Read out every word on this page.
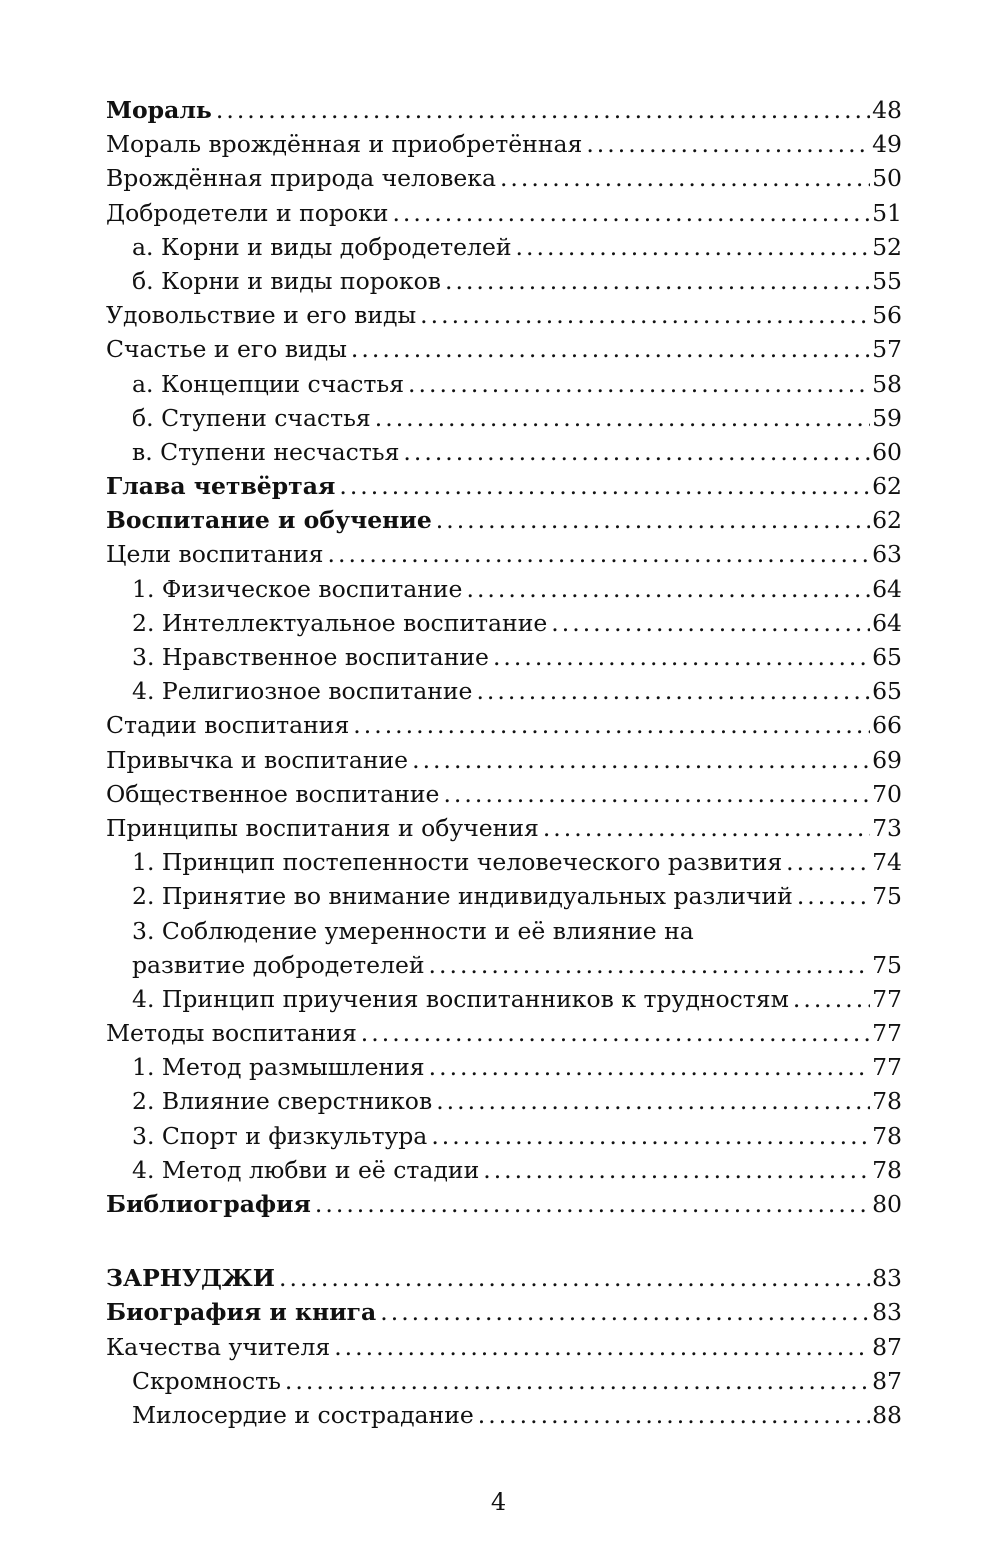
Мораль .....	48
Мораль врождённая и приобретённая .....	49
Врождённая природа человека .....	50
Добродетели и пороки .....	51
а. Корни и виды добродетелей .....	52
б. Корни и виды пороков .....	55
Удовольствие и его виды .....	56
Счастье и его виды .....	57
а. Концепции счастья .....	58
б. Ступени счастья .....	59
в. Ступени несчастья .....	60
Глава четвёртая .....	62
Воспитание и обучение .....	62
Цели воспитания .....	63
1. Физическое воспитание .....	64
2. Интеллектуальное воспитание .....	64
3. Нравственное воспитание .....	65
4. Религиозное воспитание .....	65
Стадии воспитания .....	66
Привычка и воспитание .....	69
Общественное воспитание .....	70
Принципы воспитания и обучения .....	73
1. Принцип постепенности человеческого развития .....	74
2. Принятие во внимание индивидуальных различий .....	75
3. Соблюдение умеренности и её влияние на
развитие добродетелей .....	75
4. Принцип приучения воспитанников к трудностям .....	77
Методы воспитания .....	77
1. Метод размышления .....	77
2. Влияние сверстников .....	78
3. Спорт и физкультура .....	78
4. Метод любви и её стадии .....	78
Библиография .....	80
ЗАРНУДЖИ .....	83
Биография и книга .....	83
Качества учителя .....	87
Скромность .....	87
Милосердие и сострадание .....	88
4
